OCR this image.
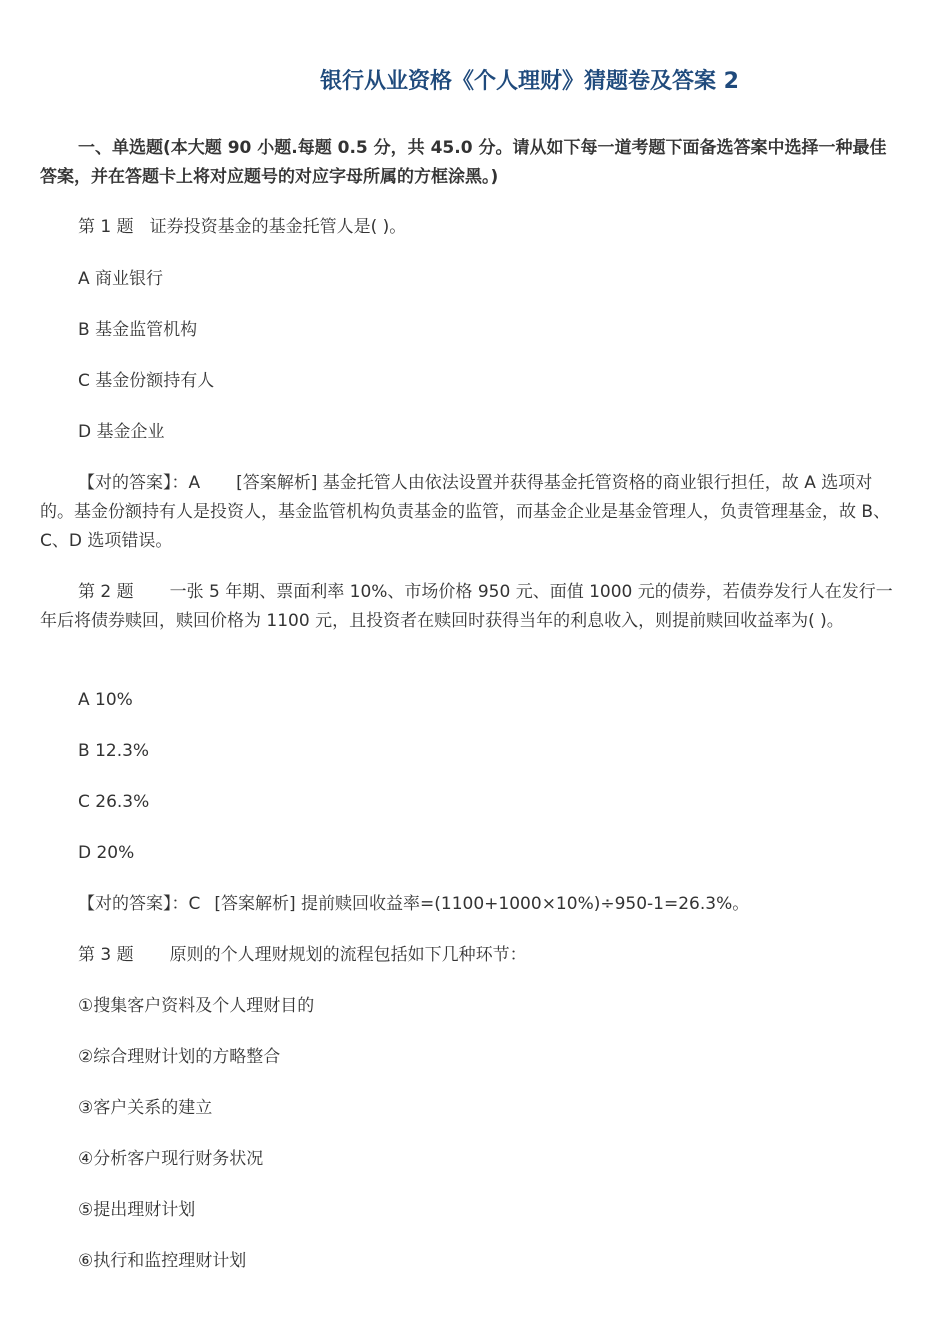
银行从业资格《个人理财》猜题卷及答案 2
一、单选题(本大题 90 小题.每题 0.5 分，共 45.0 分。请从如下每一道考题下面备选答案中选择一种最佳答案，并在答题卡上将对应题号的对应字母所属的方框涂黑。)
第 1 题 证券投资基金的基金托管人是( )。
A 商业银行
B 基金监管机构
C 基金份额持有人
D 基金企业
【对的答案】：A [答案解析] 基金托管人由依法设置并获得基金托管资格的商业银行担任，故 A 选项对的。基金份额持有人是投资人，基金监管机构负责基金的监管，而基金企业是基金管理人，负责管理基金，故 B、C、D 选项错误。
第 2 题 一张 5 年期、票面利率 10%、市场价格 950 元、面值 1000 元的债券，若债券发行人在发行一年后将债券赎回，赎回价格为 1100 元，且投资者在赎回时获得当年的利息收入，则提前赎回收益率为( )。
A 10%
B 12.3%
C 26.3%
D 20%
【对的答案】：C [答案解析] 提前赎回收益率=(1100+1000×10%)÷950-1=26.3%。
第 3 题 原则的个人理财规划的流程包括如下几种环节：
①搜集客户资料及个人理财目的
②综合理财计划的方略整合
③客户关系的建立
④分析客户现行财务状况
⑤提出理财计划
⑥执行和监控理财计划
